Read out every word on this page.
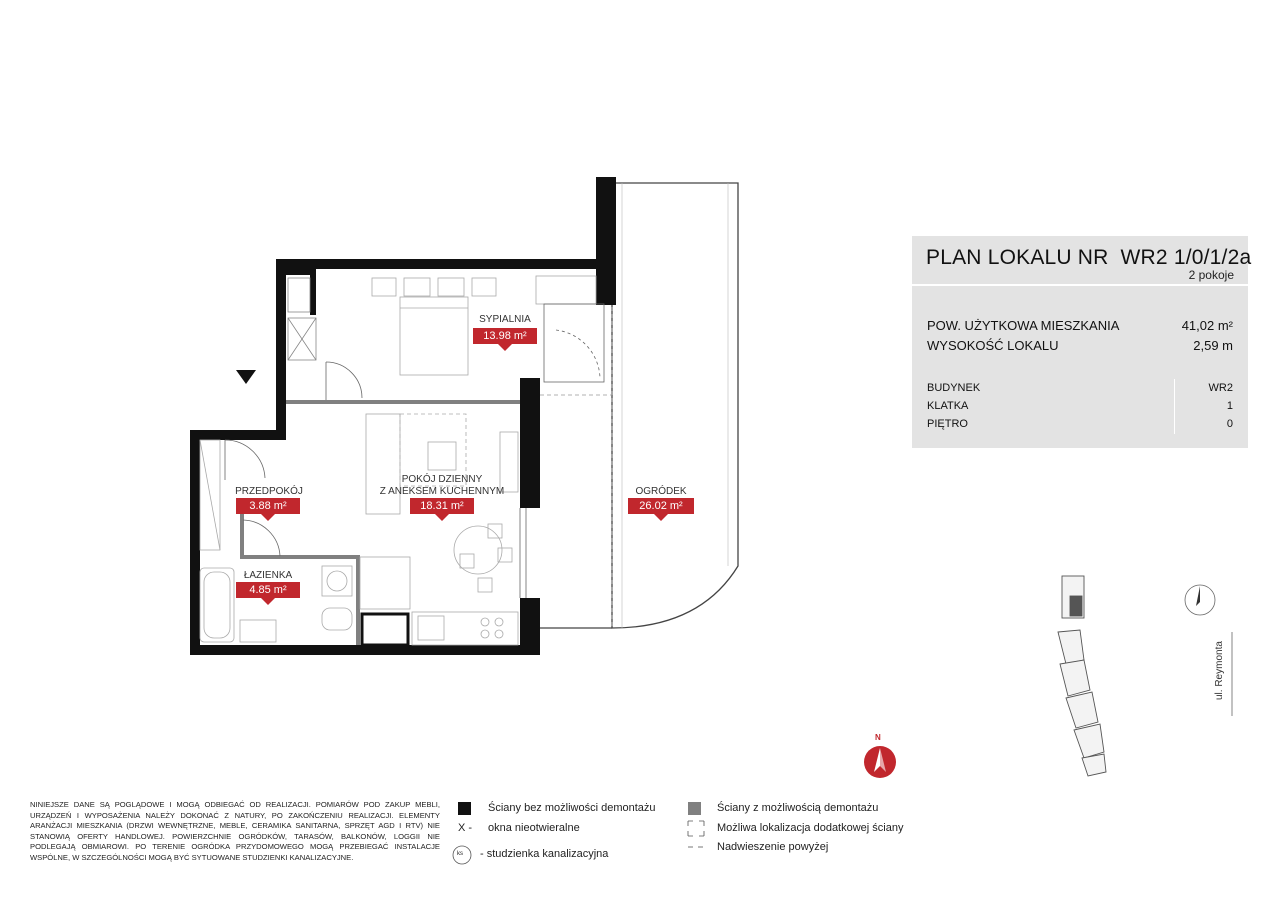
PLAN LOKALU NR WR2 1/0/1/2a
2 pokoje
POW. UŻYTKOWA MIESZKANIA	41,02 m²
WYSOKOŚĆ LOKALU	2,59 m
BUDYNEK	WR2
KLATKA	1
PIĘTRO	0
SYPIALNIA
13.98 m²
POKÓJ DZIENNY
Z ANEKSEM KUCHENNYM
18.31 m²
OGRÓDEK
26.02 m²
PRZEDPOKÓJ
3.88 m²
ŁAZIENKA
4.85 m²
N
ul. Reymonta
NINIEJSZE DANE SĄ POGLĄDOWE I MOGĄ ODBIEGAĆ OD REALIZACJI. POMIARÓW POD ZAKUP MEBLI, URZĄDZEŃ I WYPOSAŻENIA NALEŻY DOKONAĆ Z NATURY, PO ZAKOŃCZENIU REALIZACJI. ELEMENTY ARANŻACJI MIESZKANIA (DRZWI WEWNĘTRZNE, MEBLE, CERAMIKA SANITARNA, SPRZĘT AGD I RTV) NIE STANOWIĄ OFERTY HANDLOWEJ. POWIERZCHNIE OGRÓDKÓW, TARASÓW, BALKONÓW, LOGGII NIE PODLEGAJĄ OBMIAROWI. PO TERENIE OGRÓDKA PRZYDOMOWEGO MOGĄ PRZEBIEGAĆ INSTALACJE WSPÓLNE, W SZCZEGÓLNOŚCI MOGĄ BYĆ SYTUOWANE STUDZIENKI KANALIZACYJNE.
Ściany bez możliwości demontażu
X - okna nieotwieralne
ks - studzienka kanalizacyjna
Ściany z możliwością demontażu
Możliwa lokalizacja dodatkowej ściany
Nadwieszenie powyżej
